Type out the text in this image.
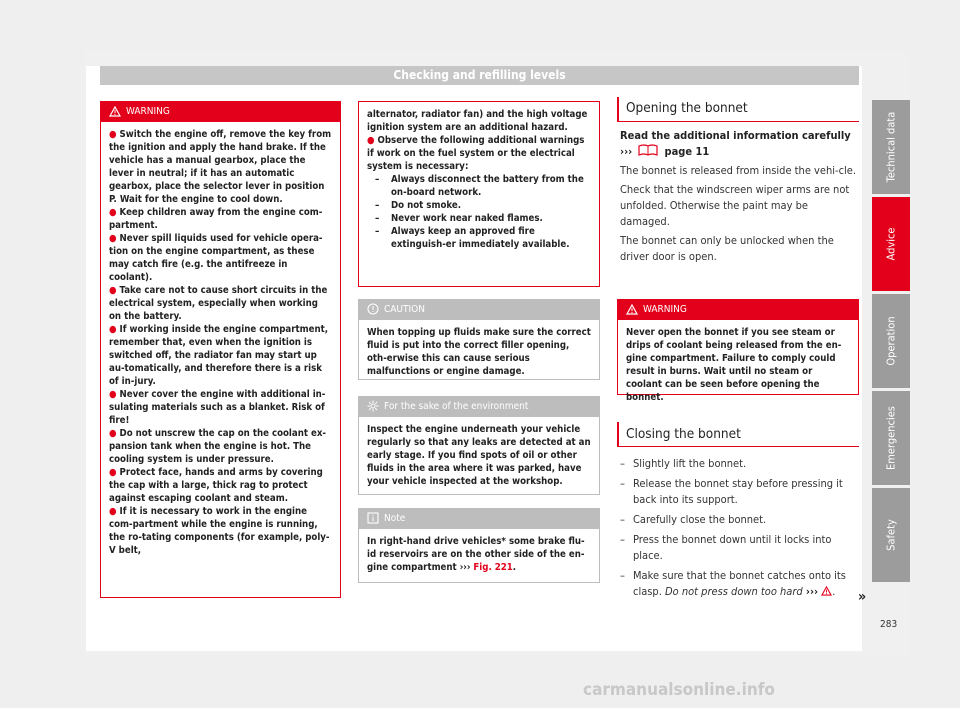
Checking and refilling levels
WARNING
● Switch the engine off, remove the key from the ignition and apply the hand brake. If the vehicle has a manual gearbox, place the lever in neutral; if it has an automatic gearbox, place the selector lever in position P. Wait for the engine to cool down.
● Keep children away from the engine com-partment.
● Never spill liquids used for vehicle opera-tion on the engine compartment, as these may catch fire (e.g. the antifreeze in coolant).
● Take care not to cause short circuits in the electrical system, especially when working on the battery.
● If working inside the engine compartment, remember that, even when the ignition is switched off, the radiator fan may start up au-tomatically, and therefore there is a risk of in-jury.
● Never cover the engine with additional in-sulating materials such as a blanket. Risk of fire!
● Do not unscrew the cap on the coolant ex-pansion tank when the engine is hot. The cooling system is under pressure.
● Protect face, hands and arms by covering the cap with a large, thick rag to protect against escaping coolant and steam.
● If it is necessary to work in the engine com-partment while the engine is running, the ro-tating components (for example, poly-V belt,
alternator, radiator fan) and the high voltage ignition system are an additional hazard.
● Observe the following additional warnings if work on the fuel system or the electrical system is necessary:
– Always disconnect the battery from the on-board network.
– Do not smoke.
– Never work near naked flames.
– Always keep an approved fire extinguish-er immediately available.
CAUTION
When topping up fluids make sure the correct fluid is put into the correct filler opening, oth-erwise this can cause serious malfunctions or engine damage.
For the sake of the environment
Inspect the engine underneath your vehicle regularly so that any leaks are detected at an early stage. If you find spots of oil or other fluids in the area where it was parked, have your vehicle inspected at the workshop.
Note
In right-hand drive vehicles* some brake flu-id reservoirs are on the other side of the en-gine compartment ››› Fig. 221.
Opening the bonnet
Read the additional information carefully
›››	page 11
The bonnet is released from inside the vehi-cle.
Check that the windscreen wiper arms are not unfolded. Otherwise the paint may be damaged.
The bonnet can only be unlocked when the driver door is open.
WARNING
Never open the bonnet if you see steam or drips of coolant being released from the en-gine compartment. Failure to comply could result in burns. Wait until no steam or coolant can be seen before opening the bonnet.
Closing the bonnet
– Slightly lift the bonnet.
– Release the bonnet stay before pressing it back into its support.
– Carefully close the bonnet.
– Press the bonnet down until it locks into place.
– Make sure that the bonnet catches onto its clasp. Do not press down too hard ››› .	»
Technical data
Advice
Operation
Emergencies
Safety
283
carmanualsonline.info
